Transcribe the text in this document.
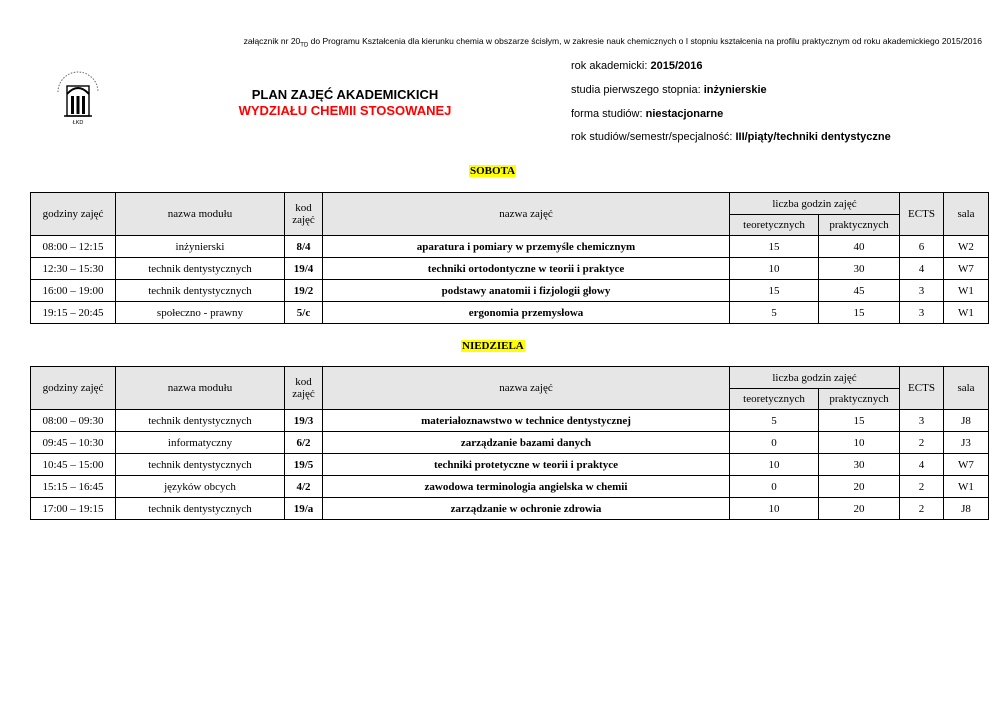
załącznik nr $20_{TD}$ do Programu Kształcenia dla kierunku chemia w obszarze ścisłym, w zakresie nauk chemicznych o I stopniu kształcenia na profilu praktycznym od roku akademickiego 2015/2016
ŁKD
PLAN ZAJĘĆ AKADEMICKICH
WYDZIAŁU CHEMII STOSOWANEJ
rok akademicki: 2015/2016
studia pierwszego stopnia: inżynierskie
forma studiów: niestacjonarne
rok studiów/semestr/specjalność: III/piąty/techniki dentystyczne
SOBOTA
godziny zajęć	nazwa modułu	kod zajęć	nazwa zajęć	liczba godzin zajęć		ECTS	sala
				teoretycznych	praktycznych		
08:00 – 12:15	inżynierski	8/4	aparatura i pomiary w przemyśle chemicznym	15	40	6	W2
12:30 – 15:30	technik dentystycznych	19/4	techniki ortodontyczne w teorii i praktyce	10	30	4	W7
16:00 – 19:00	technik dentystycznych	19/2	podstawy anatomii i fizjologii głowy	15	45	3	W1
19:15 – 20:45	społeczno - prawny	5/c	ergonomia przemysłowa	5	15	3	W1
NIEDZIELA
godziny zajęć	nazwa modułu	kod zajęć	nazwa zajęć	liczba godzin zajęć		ECTS	sala
				teoretycznych	praktycznych		
08:00 – 09:30	technik dentystycznych	19/3	materiałoznawstwo w technice dentystycznej	5	15	3	J8
09:45 – 10:30	informatyczny	6/2	zarządzanie bazami danych	0	10	2	J3
10:45 – 15:00	technik dentystycznych	19/5	techniki protetyczne w teorii i praktyce	10	30	4	W7
15:15 – 16:45	języków obcych	4/2	zawodowa terminologia angielska w chemii	0	20	2	W1
17:00 – 19:15	technik dentystycznych	19/a	zarządzanie w ochronie zdrowia	10	20	2	J8
